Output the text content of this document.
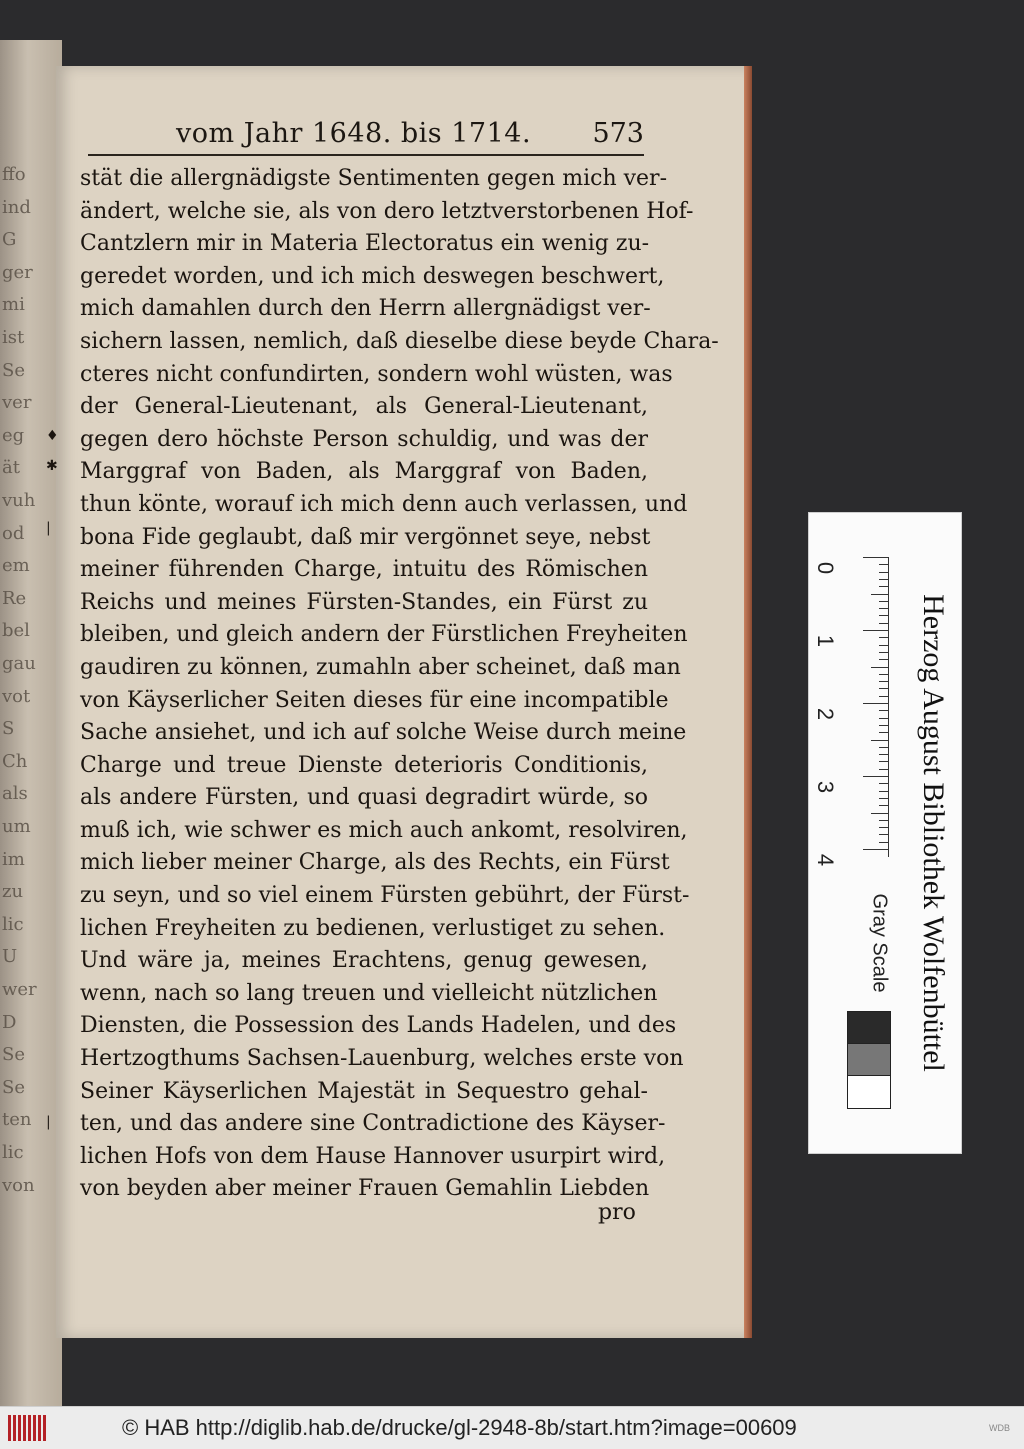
ffo
ind
G
ger
mi
ist
Se
ver
eg
ät
vuh
od
em
Re
bel
gau
vot
S
Ch
als
um
im
zu
lic
U
wer
D
Se
Se
ten
lic
von
vom Jahr 1648. bis 1714. 573
stät die allergnädigste Sentimenten gegen mich ver-
ändert, welche sie, als von dero letztverstorbenen Hof-
Cantzlern mir in Materia Electoratus ein wenig zu-
geredet worden, und ich mich deswegen beschwert,
mich damahlen durch den Herrn allergnädigst ver-
sichern lassen, nemlich, daß dieselbe diese beyde Chara-
cteres nicht confundirten, sondern wohl wüsten, was
der General-Lieutenant, als General-Lieutenant,
gegen dero höchste Person schuldig, und was der
Marggraf von Baden, als Marggraf von Baden,
thun könte, worauf ich mich denn auch verlassen, und
bona Fide geglaubt, daß mir vergönnet seye, nebst
meiner führenden Charge, intuitu des Römischen
Reichs und meines Fürsten-Standes, ein Fürst zu
bleiben, und gleich andern der Fürstlichen Freyheiten
gaudiren zu können, zumahln aber scheinet, daß man
von Käyserlicher Seiten dieses für eine incompatible
Sache ansiehet, und ich auf solche Weise durch meine
Charge und treue Dienste deterioris Conditionis,
als andere Fürsten, und quasi degradirt würde, so
muß ich, wie schwer es mich auch ankomt, resolviren,
mich lieber meiner Charge, als des Rechts, ein Fürst
zu seyn, und so viel einem Fürsten gebührt, der Fürst-
lichen Freyheiten zu bedienen, verlustiget zu sehen.
Und wäre ja, meines Erachtens, genug gewesen,
wenn, nach so lang treuen und vielleicht nützlichen
Diensten, die Possession des Lands Hadelen, und des
Hertzogthums Sachsen-Lauenburg, welches erste von
Seiner Käyserlichen Majestät in Sequestro gehal-
ten, und das andere sine Contradictione des Käyser-
lichen Hofs von dem Hause Hannover usurpirt wird,
von beyden aber meiner Frauen Gemahlin Liebden
pro
♦
✱
|
|
0
1
2
3
4	Herzog August Bibliothek Wolfenbüttel
Gray Scale
© HAB http://diglib.hab.de/drucke/gl-2948-8b/start.htm?image=00609	WDB
